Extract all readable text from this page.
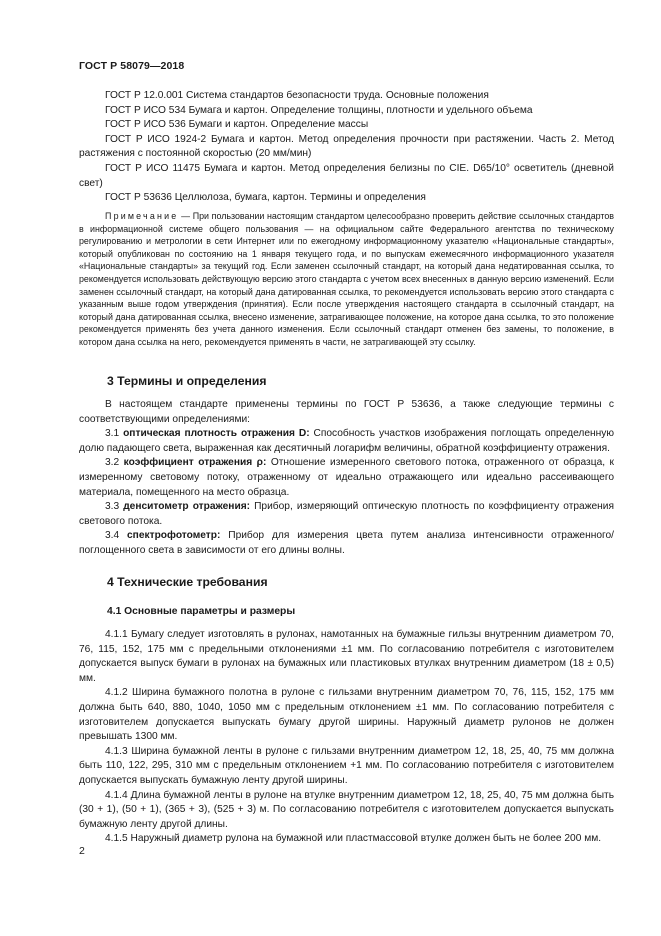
ГОСТ Р 58079—2018

ГОСТ Р 12.0.001 Система стандартов безопасности труда. Основные положения

ГОСТ Р ИСО 534 Бумага и картон. Определение толщины, плотности и удельного объема

ГОСТ Р ИСО 536 Бумаги и картон. Определение массы

ГОСТ Р ИСО 1924-2 Бумага и картон. Метод определения прочности при растяжении. Часть 2. Метод растяжения с постоянной скоростью (20 мм/мин)

ГОСТ Р ИСО 11475 Бумага и картон. Метод определения белизны по CIE. D65/10° осветитель (дневной свет)

ГОСТ Р 53636 Целлюлоза, бумага, картон. Термины и определения

Примечание — При пользовании настоящим стандартом целесообразно проверить действие ссылочных стандартов в информационной системе общего пользования — на официальном сайте Федерального агентства по техническому регулированию и метрологии в сети Интернет или по ежегодному информационному указателю «Национальные стандарты», который опубликован по состоянию на 1 января текущего года, и по выпускам ежемесячного информационного указателя «Национальные стандарты» за текущий год. Если заменен ссылочный стандарт, на который дана недатированная ссылка, то рекомендуется использовать действующую версию этого стандарта с учетом всех внесенных в данную версию изменений. Если заменен ссылочный стандарт, на который дана датированная ссылка, то рекомендуется использовать версию этого стандарта с указанным выше годом утверждения (принятия). Если после утверждения настоящего стандарта в ссылочный стандарт, на который дана датированная ссылка, внесено изменение, затрагивающее положение, на которое дана ссылка, то это положение рекомендуется применять без учета данного изменения. Если ссылочный стандарт отменен без замены, то положение, в котором дана ссылка на него, рекомендуется применять в части, не затрагивающей эту ссылку.

3 Термины и определения

В настоящем стандарте применены термины по ГОСТ Р 53636, а также следующие термины с соответствующими определениями:

3.1 оптическая плотность отражения D: Способность участков изображения поглощать определенную долю падающего света, выраженная как десятичный логарифм величины, обратной коэффициенту отражения.

3.2 коэффициент отражения ρ: Отношение измеренного светового потока, отраженного от образца, к измеренному световому потоку, отраженному от идеально отражающего или идеально рассеивающего материала, помещенного на место образца.

3.3 денситометр отражения: Прибор, измеряющий оптическую плотность по коэффициенту отражения светового потока.

3.4 спектрофотометр: Прибор для измерения цвета путем анализа интенсивности отраженного/поглощенного света в зависимости от его длины волны.

4 Технические требования
4.1 Основные параметры и размеры

4.1.1 Бумагу следует изготовлять в рулонах, намотанных на бумажные гильзы внутренним диаметром 70, 76, 115, 152, 175 мм с предельными отклонениями ±1 мм. По согласованию потребителя с изготовителем допускается выпуск бумаги в рулонах на бумажных или пластиковых втулках внутренним диаметром (18 ± 0,5) мм.

4.1.2 Ширина бумажного полотна в рулоне с гильзами внутренним диаметром 70, 76, 115, 152, 175 мм должна быть 640, 880, 1040, 1050 мм с предельным отклонением ±1 мм. По согласованию потребителя с изготовителем допускается выпускать бумагу другой ширины. Наружный диаметр рулонов не должен превышать 1300 мм.

4.1.3 Ширина бумажной ленты в рулоне с гильзами внутренним диаметром 12, 18, 25, 40, 75 мм должна быть 110, 122, 295, 310 мм с предельным отклонением +1 мм. По согласованию потребителя с изготовителем допускается выпускать бумажную ленту другой ширины.

4.1.4 Длина бумажной ленты в рулоне на втулке внутренним диаметром 12, 18, 25, 40, 75 мм должна быть (30 + 1), (50 + 1), (365 + 3), (525 + 3) м. По согласованию потребителя с изготовителем допускается выпускать бумажную ленту другой длины.

4.1.5 Наружный диаметр рулона на бумажной или пластмассовой втулке должен быть не более 200 мм.

2
